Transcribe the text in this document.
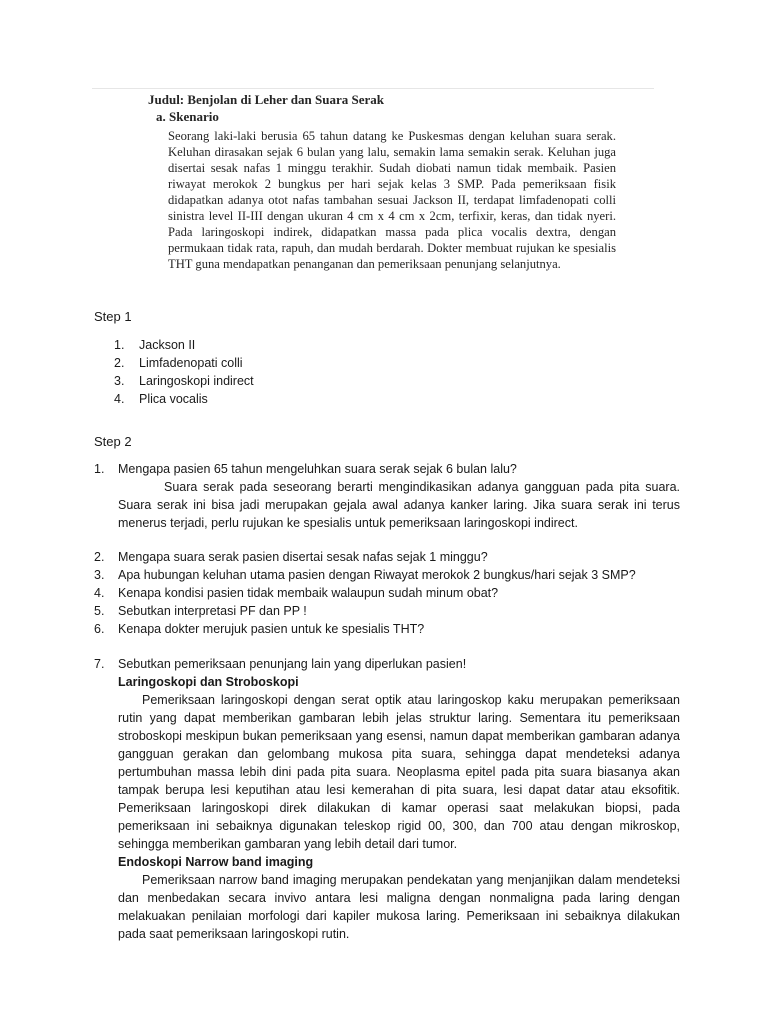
Judul: Benjolan di Leher dan Suara Serak

a. Skenario

Seorang laki-laki berusia 65 tahun datang ke Puskesmas dengan keluhan suara serak. Keluhan dirasakan sejak 6 bulan yang lalu, semakin lama semakin serak. Keluhan juga disertai sesak nafas 1 minggu terakhir. Sudah diobati namun tidak membaik. Pasien riwayat merokok 2 bungkus per hari sejak kelas 3 SMP. Pada pemeriksaan fisik didapatkan adanya otot nafas tambahan sesuai Jackson II, terdapat limfadenopati colli sinistra level II-III dengan ukuran 4 cm x 4 cm x 2cm, terfixir, keras, dan tidak nyeri. Pada laringoskopi indirek, didapatkan massa pada plica vocalis dextra, dengan permukaan tidak rata, rapuh, dan mudah berdarah. Dokter membuat rujukan ke spesialis THT guna mendapatkan penanganan dan pemeriksaan penunjang selanjutnya.
Step 1
1.	Jackson II
2.	Limfadenopati colli
3.	Laringoskopi indirect
4.	Plica vocalis
Step 2
1.	Mengapa pasien 65 tahun mengeluhkan suara serak sejak 6 bulan lalu?
Suara serak pada seseorang berarti mengindikasikan adanya gangguan pada pita suara. Suara serak ini bisa jadi merupakan gejala awal adanya kanker laring. Jika suara serak ini terus menerus terjadi, perlu rujukan ke spesialis untuk pemeriksaan laringoskopi indirect.
2.	Mengapa suara serak pasien disertai sesak nafas sejak 1 minggu?
3.	Apa hubungan keluhan utama pasien dengan Riwayat merokok 2 bungkus/hari sejak 3 SMP?
4.	Kenapa kondisi pasien tidak membaik walaupun sudah minum obat?
5.	Sebutkan interpretasi PF dan PP !
6.	Kenapa dokter merujuk pasien untuk ke spesialis THT?
7.	Sebutkan pemeriksaan penunjang lain yang diperlukan pasien!
Laringoskopi dan Stroboskopi
Pemeriksaan laringoskopi dengan serat optik atau laringoskop kaku merupakan pemeriksaan rutin yang dapat memberikan gambaran lebih jelas struktur laring. Sementara itu pemeriksaan stroboskopi meskipun bukan pemeriksaan yang esensi, namun dapat memberikan gambaran adanya gangguan gerakan dan gelombang mukosa pita suara, sehingga dapat mendeteksi adanya pertumbuhan massa lebih dini pada pita suara. Neoplasma epitel pada pita suara biasanya akan tampak berupa lesi keputihan atau lesi kemerahan di pita suara, lesi dapat datar atau eksofitik. Pemeriksaan laringoskopi direk dilakukan di kamar operasi saat melakukan biopsi, pada pemeriksaan ini sebaiknya digunakan teleskop rigid 00, 300, dan 700 atau dengan mikroskop, sehingga memberikan gambaran yang lebih detail dari tumor.
Endoskopi Narrow band imaging
Pemeriksaan narrow band imaging merupakan pendekatan yang menjanjikan dalam mendeteksi dan menbedakan secara invivo antara lesi maligna dengan nonmaligna pada laring dengan melakuakan penilaian morfologi dari kapiler mukosa laring. Pemeriksaan ini sebaiknya dilakukan pada saat pemeriksaan laringoskopi rutin.
